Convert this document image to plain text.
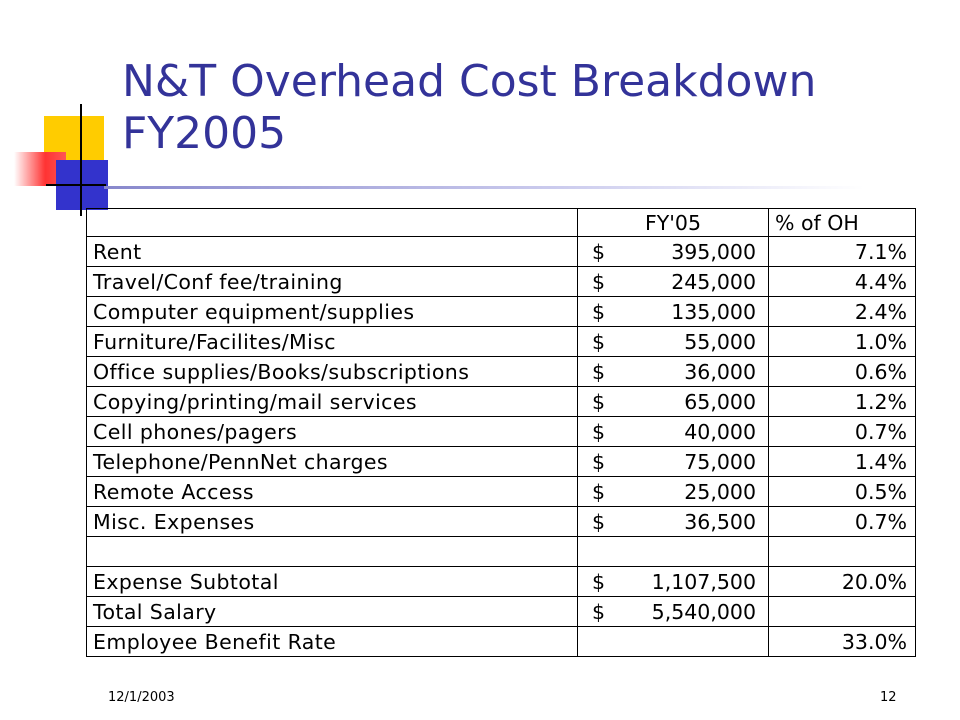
N&T Overhead Cost Breakdown
FY2005
	FY'05	% of OH
Rent	$ 395,000	7.1%
Travel/Conf fee/training	$ 245,000	4.4%
Computer equipment/supplies	$ 135,000	2.4%
Furniture/Facilites/Misc	$ 55,000	1.0%
Office supplies/Books/subscriptions	$ 36,000	0.6%
Copying/printing/mail services	$ 65,000	1.2%
Cell phones/pagers	$ 40,000	0.7%
Telephone/PennNet charges	$ 75,000	1.4%
Remote Access	$ 25,000	0.5%
Misc. Expenses	$ 36,500	0.7%

Expense Subtotal	$ 1,107,500	20.0%
Total Salary	$ 5,540,000	

Employee Benefit Rate		33.0%
12/1/2003	12
